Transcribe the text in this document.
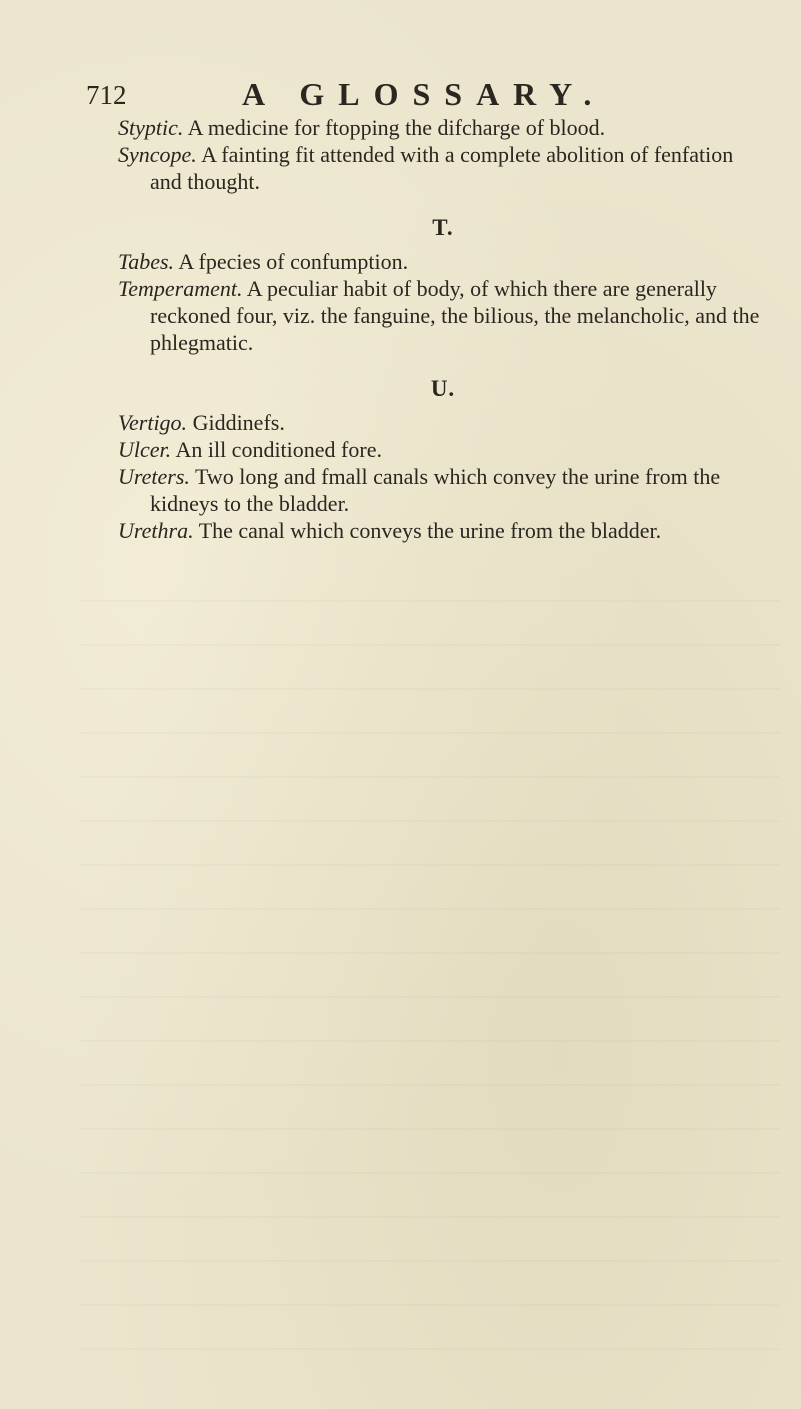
712	A GLOSSARY.

Styptic. A medicine for ftopping the difcharge of blood.

Syncope. A fainting fit attended with a complete abolition of fenfation and thought.

T.

Tabes. A fpecies of confumption.

Temperament. A peculiar habit of body, of which there are generally reckoned four, viz. the fanguine, the bilious, the melancholic, and the phlegmatic.

U.

Vertigo. Giddinefs.

Ulcer. An ill conditioned fore.

Ureters. Two long and fmall canals which convey the urine from the kidneys to the bladder.

Urethra. The canal which conveys the urine from the bladder.
